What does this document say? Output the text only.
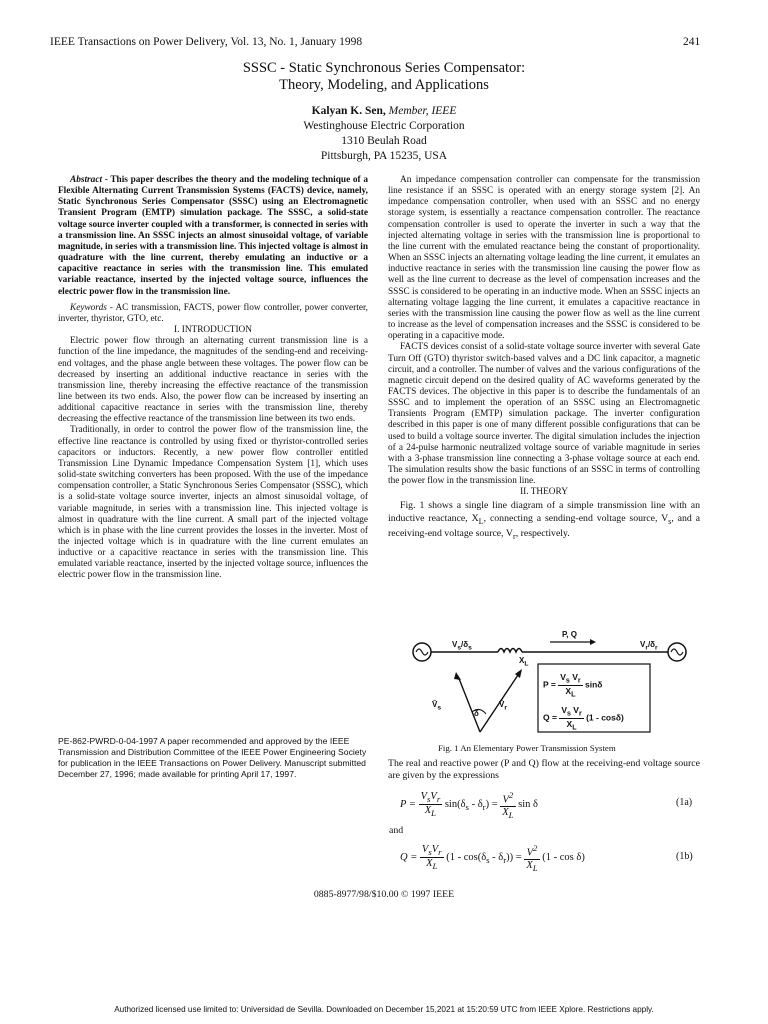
IEEE Transactions on Power Delivery, Vol. 13, No. 1, January 1998	241
SSSC - Static Synchronous Series Compensator:
Theory, Modeling, and Applications
Kalyan K. Sen, Member, IEEE
Westinghouse Electric Corporation
1310 Beulah Road
Pittsburgh, PA 15235, USA

Abstract - This paper describes the theory and the modeling technique of a Flexible Alternating Current Transmission Systems (FACTS) device, namely, Static Synchronous Series Compensator (SSSC) using an Electromagnetic Transient Program (EMTP) simulation package. The SSSC, a solid-state voltage source inverter coupled with a transformer, is connected in series with a transmission line. An SSSC injects an almost sinusoidal voltage, of variable magnitude, in series with a transmission line. This injected voltage is almost in quadrature with the line current, thereby emulating an inductive or a capacitive reactance in series with the transmission line. This emulated variable reactance, inserted by the injected voltage source, influences the electric power flow in the transmission line.

Keywords - AC transmission, FACTS, power flow controller, power converter, inverter, thyristor, GTO, etc.

I. INTRODUCTION

Electric power flow through an alternating current transmission line is a function of the line impedance, the magnitudes of the sending-end and receiving-end voltages, and the phase angle between these voltages. The power flow can be decreased by inserting an additional inductive reactance in series with the transmission line, thereby increasing the effective reactance of the transmission line between its two ends. Also, the power flow can be increased by inserting an additional capacitive reactance in series with the transmission line, thereby decreasing the effective reactance of the transmission line between its two ends.

Traditionally, in order to control the power flow of the transmission line, the effective line reactance is controlled by using fixed or thyristor-controlled series capacitors or inductors. Recently, a new power flow controller entitled Transmission Line Dynamic Impedance Compensation System [1], which uses solid-state switching converters has been proposed. With the use of the impedance compensation controller, a Static Synchronous Series Compensator (SSSC), which is a solid-state voltage source inverter, injects an almost sinusoidal voltage, of variable magnitude, in series with a transmission line. This injected voltage is almost in quadrature with the line current. A small part of the injected voltage which is in phase with the line current provides the losses in the inverter. Most of the injected voltage which is in quadrature with the line current emulates an inductive or a capacitive reactance in series with the transmission line. This emulated variable reactance, inserted by the injected voltage source, influences the electric power flow in the transmission line.

PE-862-PWRD-0-04-1997 A paper recommended and approved by the IEEE Transmission and Distribution Committee of the IEEE Power Engineering Society for publication in the IEEE Transactions on Power Delivery. Manuscript submitted December 27, 1996; made available for printing April 17, 1997.

An impedance compensation controller can compensate for the transmission line resistance if an SSSC is operated with an energy storage system [2]. An impedance compensation controller, when used with an SSSC and no energy storage system, is essentially a reactance compensation controller. The reactance compensation controller is used to operate the inverter in such a way that the injected alternating voltage in series with the transmission line is proportional to the line current with the emulated reactance being the constant of proportionality. When an SSSC injects an alternating voltage leading the line current, it emulates an inductive reactance in series with the transmission line causing the power flow as well as the line current to decrease as the level of compensation increases and the SSSC is considered to be operating in an inductive mode. When an SSSC injects an alternating voltage lagging the line current, it emulates a capacitive reactance in series with the transmission line causing the power flow as well as the line current to increase as the level of compensation increases and the SSSC is considered to be operating in a capacitive mode.

FACTS devices consist of a solid-state voltage source inverter with several Gate Turn Off (GTO) thyristor switch-based valves and a DC link capacitor, a magnetic circuit, and a controller. The number of valves and the various configurations of the magnetic circuit depend on the desired quality of AC waveforms generated by the FACTS devices. The objective in this paper is to describe the fundamentals of an SSSC and to implement the operation of an SSSC using an Electromagnetic Transients Program (EMTP) simulation package. The inverter configuration described in this paper is one of many different possible configurations that can be used to build a voltage source inverter. The digital simulation includes the injection of a 24-pulse harmonic neutralized voltage source of variable magnitude in series with a 3-phase transmission line connecting a 3-phase voltage source at each end. The simulation results show the basic functions of an SSSC in terms of controlling the power flow in the transmission line.

II. THEORY

Fig. 1 shows a single line diagram of a simple transmission line with an inductive reactance, $X_L$, connecting a sending-end voltage source, $V_s$, and a receiving-end voltage source, $V_r$, respectively.

$V_s/\delta_s$	$V_r/\delta_r$
$X_L$
P, Q
$V̄_s$	$V̄_r$
δ
$P = \frac{V_s V_r}{X_L}$ sinδ
$Q = \frac{V_s V_r}{X_L} (1 - \cos\delta)$
Fig. 1 An Elementary Power Transmission System

The real and reactive power (P and Q) flow at the receiving-end voltage source are given by the expressions

$P = \frac{V_sV_r}{X_L} \sin(\delta_s - \delta_r) = \frac{V^2}{X_L}$ sin δ	(1a)
and
$Q = \frac{V_sV_r}{X_L} (1 - \cos(\delta_s - \delta_r)) = \frac{V^2}{X_L} (1 - \cos \delta)$	(1b)
0885-8977/98/$10.00 © 1997 IEEE
Authorized licensed use limited to: Universidad de Sevilla. Downloaded on December 15,2021 at 15:20:59 UTC from IEEE Xplore. Restrictions apply.
